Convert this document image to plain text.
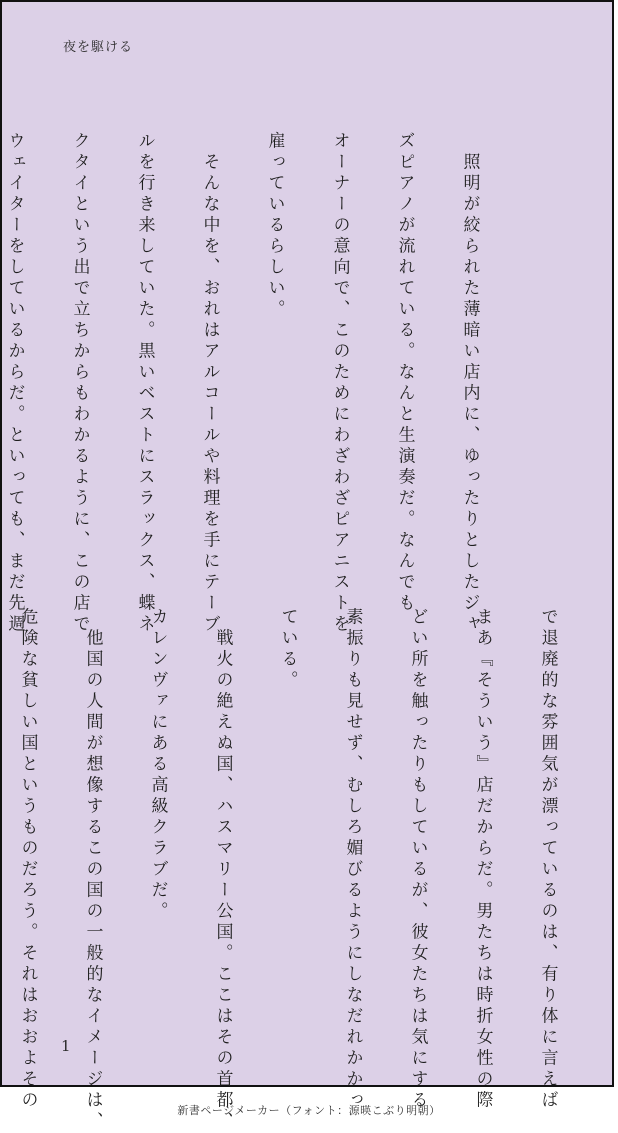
夜を駆ける

　照明が絞られた薄暗い店内に、ゆったりとしたジャ

ズピアノが流れている。なんと生演奏だ。なんでも

オーナーの意向で、このためにわざわざピアニストを

雇っているらしい。

　そんな中を、おれはアルコールや料理を手にテーブ

ルを行き来していた。黒いベストにスラックス、蝶ネ

クタイという出で立ちからもわかるように、この店で

ウェイターをしているからだ。といっても、まだ先週

で退廃的な雰囲気が漂っているのは、有り体に言えば

まあ『そういう』店だからだ。男たちは時折女性の際

どい所を触ったりもしているが、彼女たちは気にする

素振りも見せず、むしろ媚びるようにしなだれかかっ

ている。

　戦火の絶えぬ国、ハスマリー公国。ここはその首都、

カレンヴァにある高級クラブだ。

　他国の人間が想像するこの国の一般的なイメージは、

危険な貧しい国というものだろう。それはおおよその

	1
新書ページメーカー（フォント：源暎こぶり明朝）
